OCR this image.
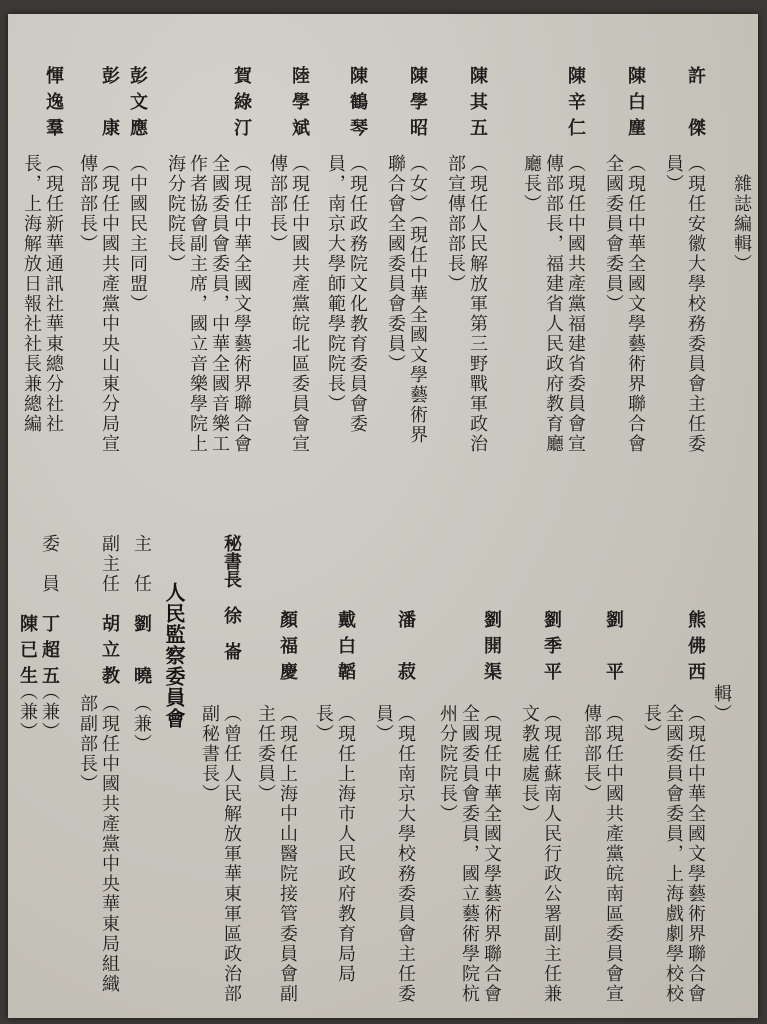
雜誌編輯）
許　傑
（現任安徽大學校務委員會主任委
員）
陳白塵
（現任中華全國文學藝術界聯合會
全國委員會委員）
陳辛仁
（現任中國共產黨福建省委員會宣
傳部部長，福建省人民政府教育廳
廳長）
陳其五
（現任人民解放軍第三野戰軍政治
部宣傳部部長）
陳學昭
（女）（現任中華全國文學藝術界
聯合會全國委員會委員）
陳鶴琴
（現任政務院文化教育委員會委
員，南京大學師範學院院長）
陸學斌
（現任中國共產黨皖北區委員會宣
傳部部長）
賀綠汀
（現任中華全國文學藝術界聯合會
全國委員會委員，中華全國音樂工
作者協會副主席，國立音樂學院上
海分院院長）
彭文應
（中國民主同盟）
彭　康
（現任中國共產黨中央山東分局宣
傳部部長）
惲逸羣
（現任新華通訊社華東總分社社
長，上海解放日報社社長兼總編
輯）
熊佛西
（現任中華全國文學藝術界聯合會
全國委員會委員，上海戲劇學校校
長）
劉　平
（現任中國共產黨皖南區委員會宣
傳部部長）
劉季平
（現任蘇南人民行政公署副主任兼
文教處處長）
劉開渠
（現任中華全國文學藝術界聯合會
全國委員會委員，國立藝術學院杭
州分院院長）
潘　菽
（現任南京大學校務委員會主任委
員）
戴白韜
（現任上海市人民政府教育局局
長）
顏福慶
（現任上海中山醫院接管委員會副
主任委員）
秘書長　徐　崙
（曾任人民解放軍華東軍區政治部
副秘書長）
人民監察委員會
主　任
劉　曉
（兼）
副主任
胡立教
（現任中國共產黨中央華東局組織
部副部長）
委　員
丁超五
（兼）
陳已生
（兼）
